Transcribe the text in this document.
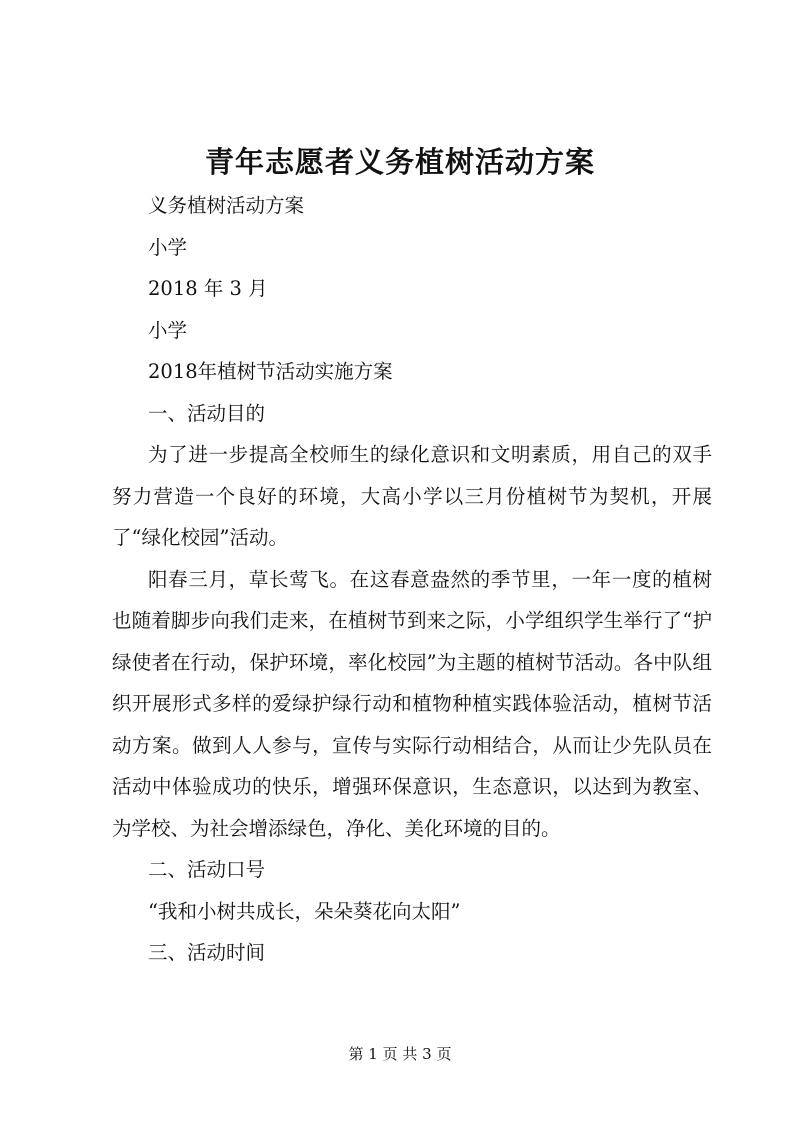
青年志愿者义务植树活动方案

义务植树活动方案

小学

2018 年 3 月

小学

2018年植树节活动实施方案

一、活动目的

为了进一步提高全校师生的绿化意识和文明素质，用自己的双手努力营造一个良好的环境，大高小学以三月份植树节为契机，开展了“绿化校园”活动。

阳春三月，草长莺飞。在这春意盎然的季节里，一年一度的植树也随着脚步向我们走来，在植树节到来之际，小学组织学生举行了“护绿使者在行动，保护环境，率化校园”为主题的植树节活动。各中队组织开展形式多样的爱绿护绿行动和植物种植实践体验活动，植树节活动方案。做到人人参与，宣传与实际行动相结合，从而让少先队员在活动中体验成功的快乐，增强环保意识，生态意识，以达到为教室、为学校、为社会增添绿色，净化、美化环境的目的。

二、活动口号

“我和小树共成长，朵朵葵花向太阳”

三、活动时间

第 1 页 共 3 页
